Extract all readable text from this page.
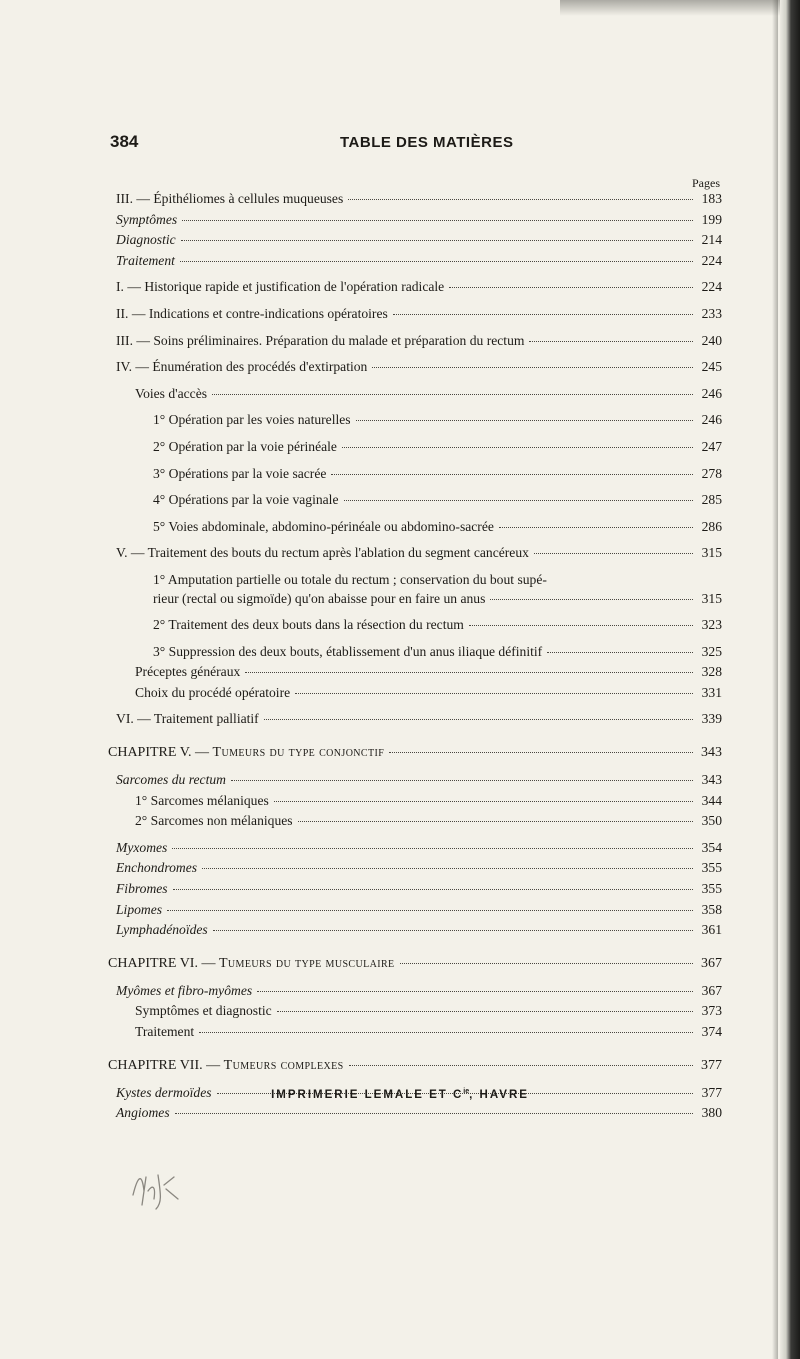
384	TABLE DES MATIÈRES
Pages
III. — Épithéliomes à cellules muqueuses	183
Symptômes	199
Diagnostic	214
Traitement	224
I. — Historique rapide et justification de l'opération radicale	224
II. — Indications et contre-indications opératoires	233
III. — Soins préliminaires. Préparation du malade et préparation du rectum	240
IV. — Énumération des procédés d'extirpation	245
Voies d'accès	246
1° Opération par les voies naturelles	246
2° Opération par la voie périnéale	247
3° Opérations par la voie sacrée	278
4° Opérations par la voie vaginale	285
5° Voies abdominale, abdomino-périnéale ou abdomino-sacrée	286
V. — Traitement des bouts du rectum après l'ablation du segment cancéreux	315
1° Amputation partielle ou totale du rectum ; conservation du bout supé-
rieur (rectal ou sigmoïde) qu'on abaisse pour en faire un anus	315
2° Traitement des deux bouts dans la résection du rectum	323
3° Suppression des deux bouts, établissement d'un anus iliaque définitif	325
Préceptes généraux	328
Choix du procédé opératoire	331
VI. — Traitement palliatif	339
CHAPITRE V. — Tumeurs du type conjonctif	343
Sarcomes du rectum	343
1° Sarcomes mélaniques	344
2° Sarcomes non mélaniques	350
Myxomes	354
Enchondromes	355
Fibromes	355
Lipomes	358
Lymphadénoïdes	361
CHAPITRE VI. — Tumeurs du type musculaire	367
Myômes et fibro-myômes	367
Symptômes et diagnostic	373
Traitement	374
CHAPITRE VII. — Tumeurs complexes	377
Kystes dermoïdes	377
Angiomes	380
IMPRIMERIE LEMALE ET $C^{ie}$, HAVRE
